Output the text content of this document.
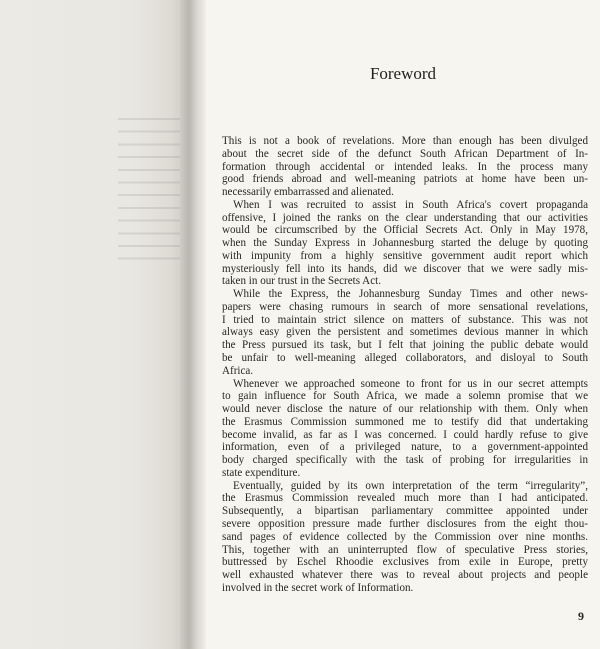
Foreword
This is not a book of revelations. More than enough has been divulged
about the secret side of the defunct South African Department of In-
formation through accidental or intended leaks. In the process many
good friends abroad and well-meaning patriots at home have been un-
necessarily embarrassed and alienated.
When I was recruited to assist in South Africa's covert propaganda
offensive, I joined the ranks on the clear understanding that our activities
would be circumscribed by the Official Secrets Act. Only in May 1978,
when the Sunday Express in Johannesburg started the deluge by quoting
with impunity from a highly sensitive government audit report which
mysteriously fell into its hands, did we discover that we were sadly mis-
taken in our trust in the Secrets Act.
While the Express, the Johannesburg Sunday Times and other news-
papers were chasing rumours in search of more sensational revelations,
I tried to maintain strict silence on matters of substance. This was not
always easy given the persistent and sometimes devious manner in which
the Press pursued its task, but I felt that joining the public debate would
be unfair to well-meaning alleged collaborators, and disloyal to South
Africa.
Whenever we approached someone to front for us in our secret attempts
to gain influence for South Africa, we made a solemn promise that we
would never disclose the nature of our relationship with them. Only when
the Erasmus Commission summoned me to testify did that undertaking
become invalid, as far as I was concerned. I could hardly refuse to give
information, even of a privileged nature, to a government-appointed
body charged specifically with the task of probing for irregularities in
state expenditure.
Eventually, guided by its own interpretation of the term “irregularity”,
the Erasmus Commission revealed much more than I had anticipated.
Subsequently, a bipartisan parliamentary committee appointed under
severe opposition pressure made further disclosures from the eight thou-
sand pages of evidence collected by the Commission over nine months.
This, together with an uninterrupted flow of speculative Press stories,
buttressed by Eschel Rhoodie exclusives from exile in Europe, pretty
well exhausted whatever there was to reveal about projects and people
involved in the secret work of Information.
9
